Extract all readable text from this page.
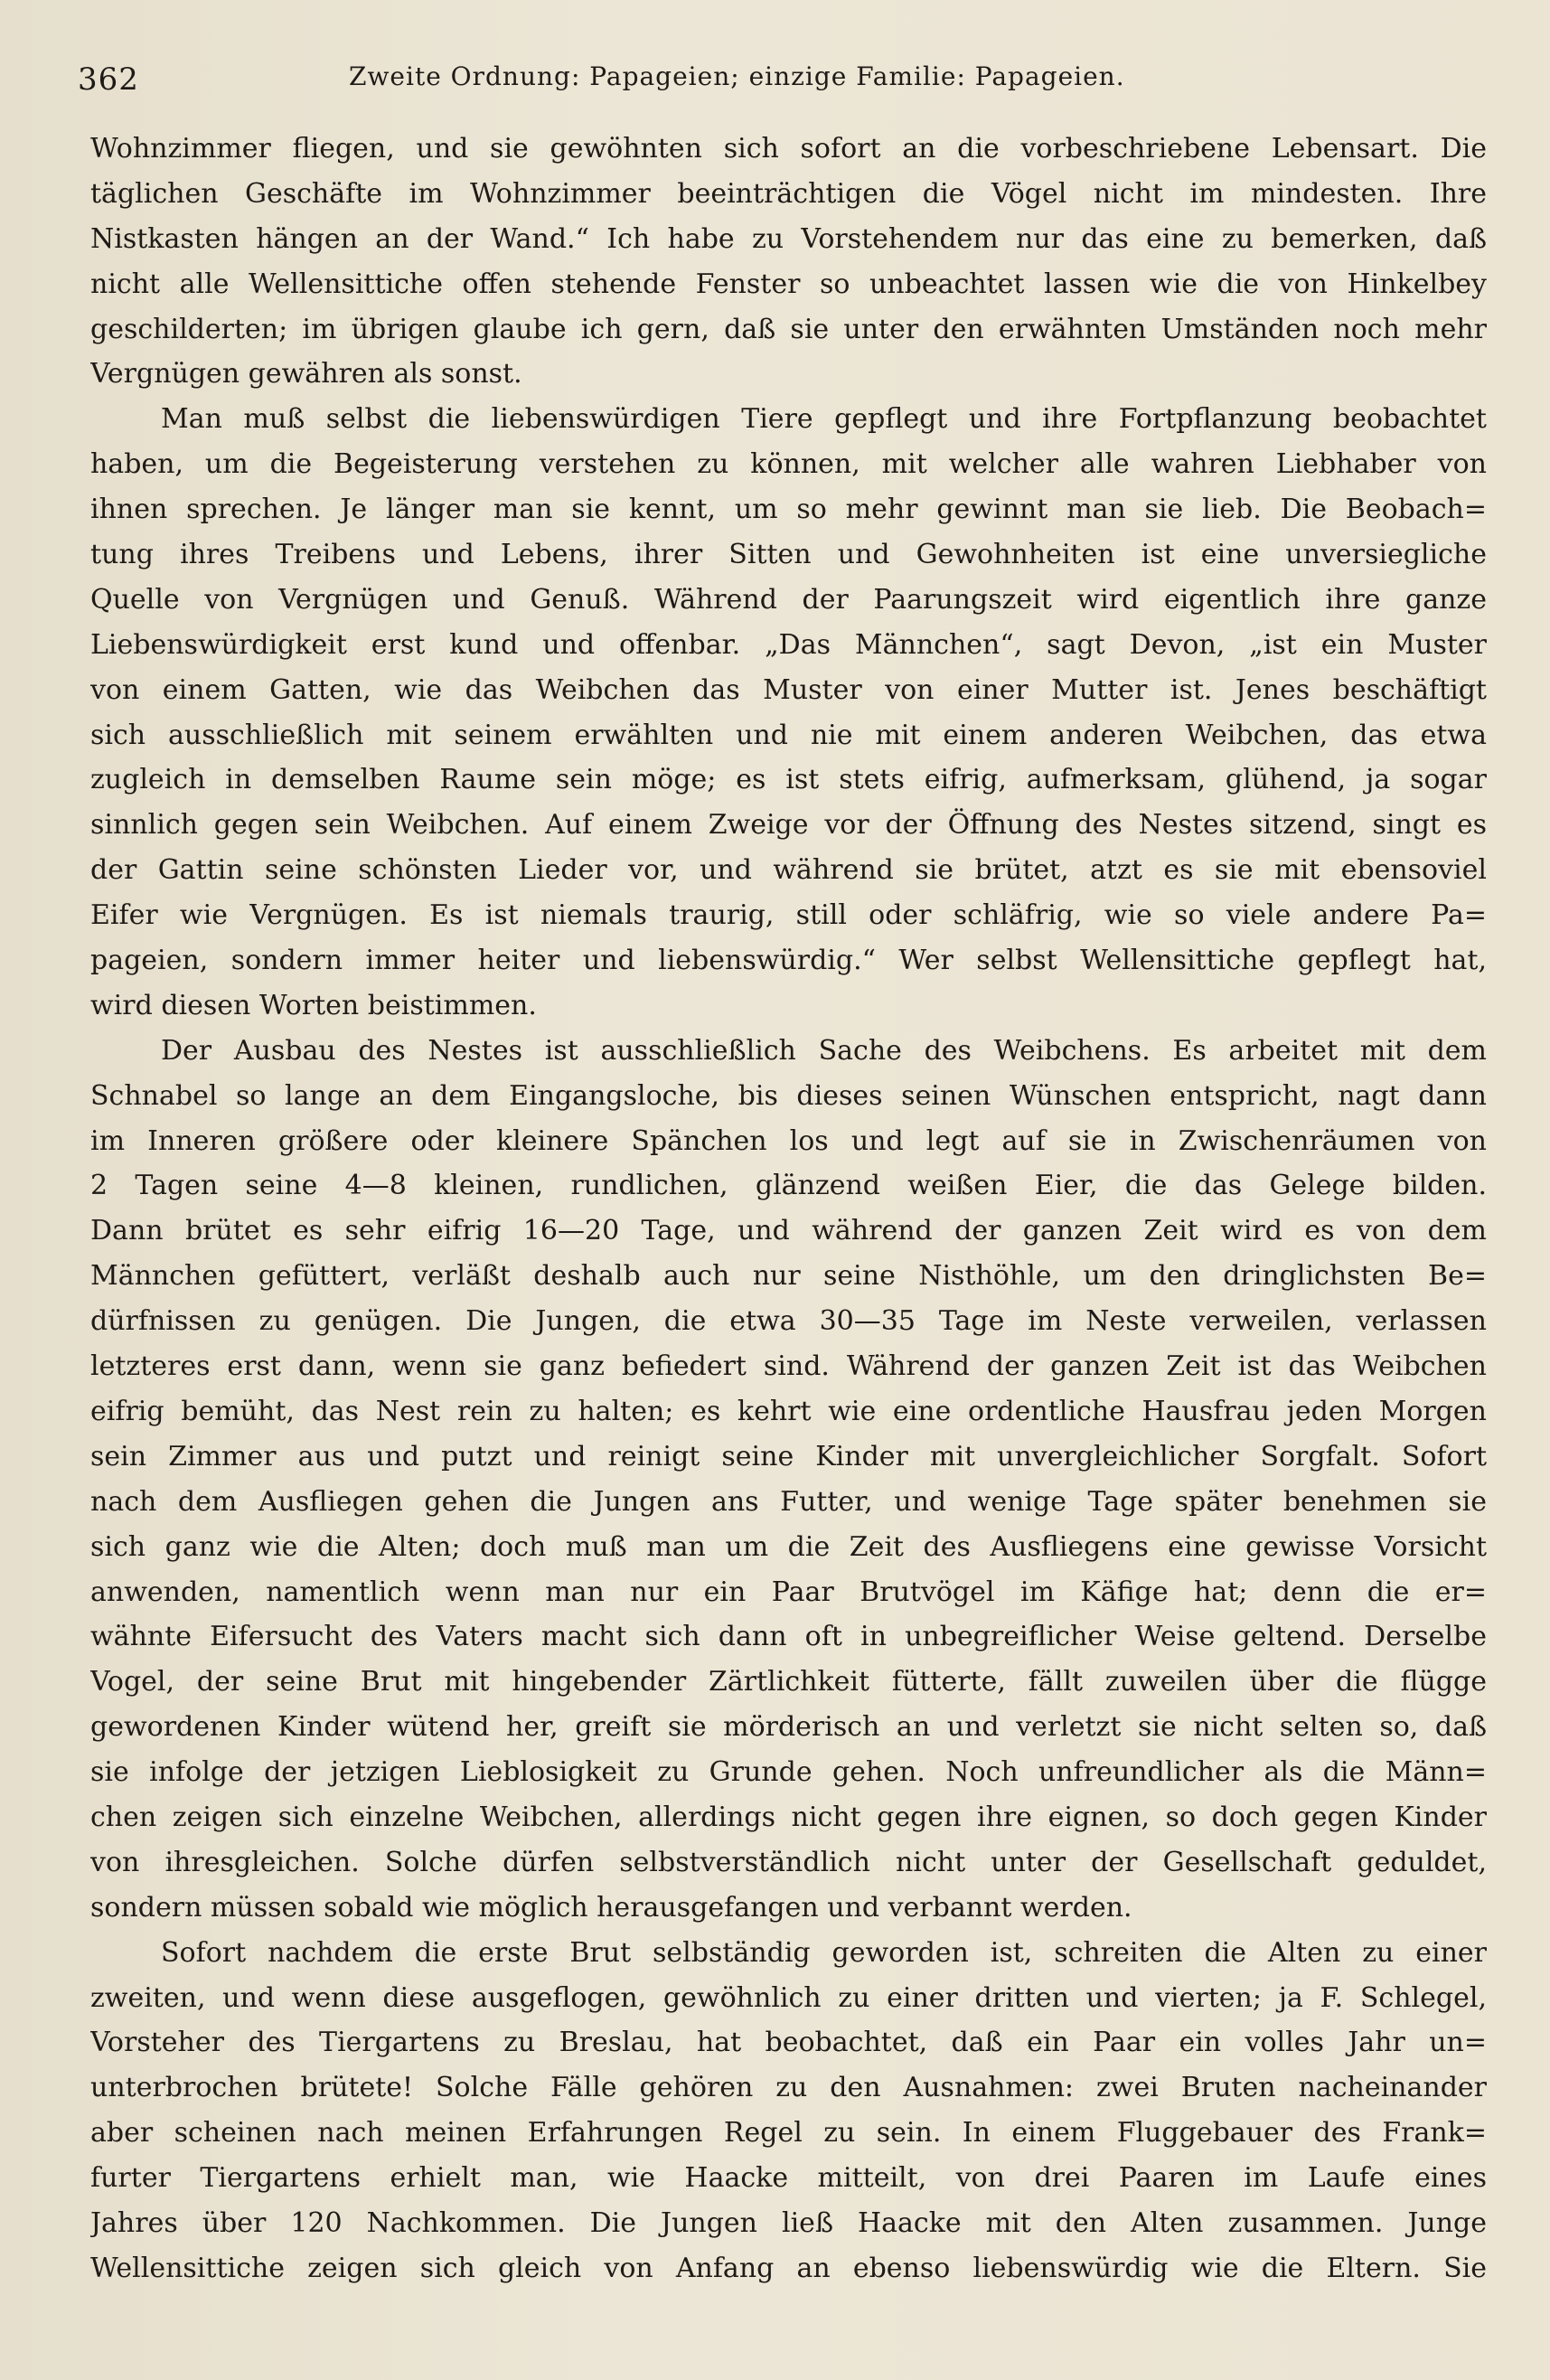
362	Zweite Ordnung: Papageien; einzige Familie: Papageien.
Wohnzimmer fliegen, und sie gewöhnten sich sofort an die vorbeschriebene Lebensart. Die
täglichen Geschäfte im Wohnzimmer beeinträchtigen die Vögel nicht im mindesten. Ihre
Nistkasten hängen an der Wand.“ Ich habe zu Vorstehendem nur das eine zu bemerken, daß
nicht alle Wellensittiche offen stehende Fenster so unbeachtet lassen wie die von Hinkelbey
geschilderten; im übrigen glaube ich gern, daß sie unter den erwähnten Umständen noch mehr
Vergnügen gewähren als sonst.
Man muß selbst die liebenswürdigen Tiere gepflegt und ihre Fortpflanzung beobachtet
haben, um die Begeisterung verstehen zu können, mit welcher alle wahren Liebhaber von
ihnen sprechen. Je länger man sie kennt, um so mehr gewinnt man sie lieb. Die Beobach=
tung ihres Treibens und Lebens, ihrer Sitten und Gewohnheiten ist eine unversiegliche
Quelle von Vergnügen und Genuß. Während der Paarungszeit wird eigentlich ihre ganze
Liebenswürdigkeit erst kund und offenbar. „Das Männchen“, sagt Devon, „ist ein Muster
von einem Gatten, wie das Weibchen das Muster von einer Mutter ist. Jenes beschäftigt
sich ausschließlich mit seinem erwählten und nie mit einem anderen Weibchen, das etwa
zugleich in demselben Raume sein möge; es ist stets eifrig, aufmerksam, glühend, ja sogar
sinnlich gegen sein Weibchen. Auf einem Zweige vor der Öffnung des Nestes sitzend, singt es
der Gattin seine schönsten Lieder vor, und während sie brütet, atzt es sie mit ebensoviel
Eifer wie Vergnügen. Es ist niemals traurig, still oder schläfrig, wie so viele andere Pa=
pageien, sondern immer heiter und liebenswürdig.“ Wer selbst Wellensittiche gepflegt hat,
wird diesen Worten beistimmen.
Der Ausbau des Nestes ist ausschließlich Sache des Weibchens. Es arbeitet mit dem
Schnabel so lange an dem Eingangsloche, bis dieses seinen Wünschen entspricht, nagt dann
im Inneren größere oder kleinere Spänchen los und legt auf sie in Zwischenräumen von
2 Tagen seine 4—8 kleinen, rundlichen, glänzend weißen Eier, die das Gelege bilden.
Dann brütet es sehr eifrig 16—20 Tage, und während der ganzen Zeit wird es von dem
Männchen gefüttert, verläßt deshalb auch nur seine Nisthöhle, um den dringlichsten Be=
dürfnissen zu genügen. Die Jungen, die etwa 30—35 Tage im Neste verweilen, verlassen
letzteres erst dann, wenn sie ganz befiedert sind. Während der ganzen Zeit ist das Weibchen
eifrig bemüht, das Nest rein zu halten; es kehrt wie eine ordentliche Hausfrau jeden Morgen
sein Zimmer aus und putzt und reinigt seine Kinder mit unvergleichlicher Sorgfalt. Sofort
nach dem Ausfliegen gehen die Jungen ans Futter, und wenige Tage später benehmen sie
sich ganz wie die Alten; doch muß man um die Zeit des Ausfliegens eine gewisse Vorsicht
anwenden, namentlich wenn man nur ein Paar Brutvögel im Käfige hat; denn die er=
wähnte Eifersucht des Vaters macht sich dann oft in unbegreiflicher Weise geltend. Derselbe
Vogel, der seine Brut mit hingebender Zärtlichkeit fütterte, fällt zuweilen über die flügge
gewordenen Kinder wütend her, greift sie mörderisch an und verletzt sie nicht selten so, daß
sie infolge der jetzigen Lieblosigkeit zu Grunde gehen. Noch unfreundlicher als die Männ=
chen zeigen sich einzelne Weibchen, allerdings nicht gegen ihre eignen, so doch gegen Kinder
von ihresgleichen. Solche dürfen selbstverständlich nicht unter der Gesellschaft geduldet,
sondern müssen sobald wie möglich herausgefangen und verbannt werden.
Sofort nachdem die erste Brut selbständig geworden ist, schreiten die Alten zu einer
zweiten, und wenn diese ausgeflogen, gewöhnlich zu einer dritten und vierten; ja F. Schlegel,
Vorsteher des Tiergartens zu Breslau, hat beobachtet, daß ein Paar ein volles Jahr un=
unterbrochen brütete! Solche Fälle gehören zu den Ausnahmen: zwei Bruten nacheinander
aber scheinen nach meinen Erfahrungen Regel zu sein. In einem Fluggebauer des Frank=
furter Tiergartens erhielt man, wie Haacke mitteilt, von drei Paaren im Laufe eines
Jahres über 120 Nachkommen. Die Jungen ließ Haacke mit den Alten zusammen. Junge
Wellensittiche zeigen sich gleich von Anfang an ebenso liebenswürdig wie die Eltern. Sie
